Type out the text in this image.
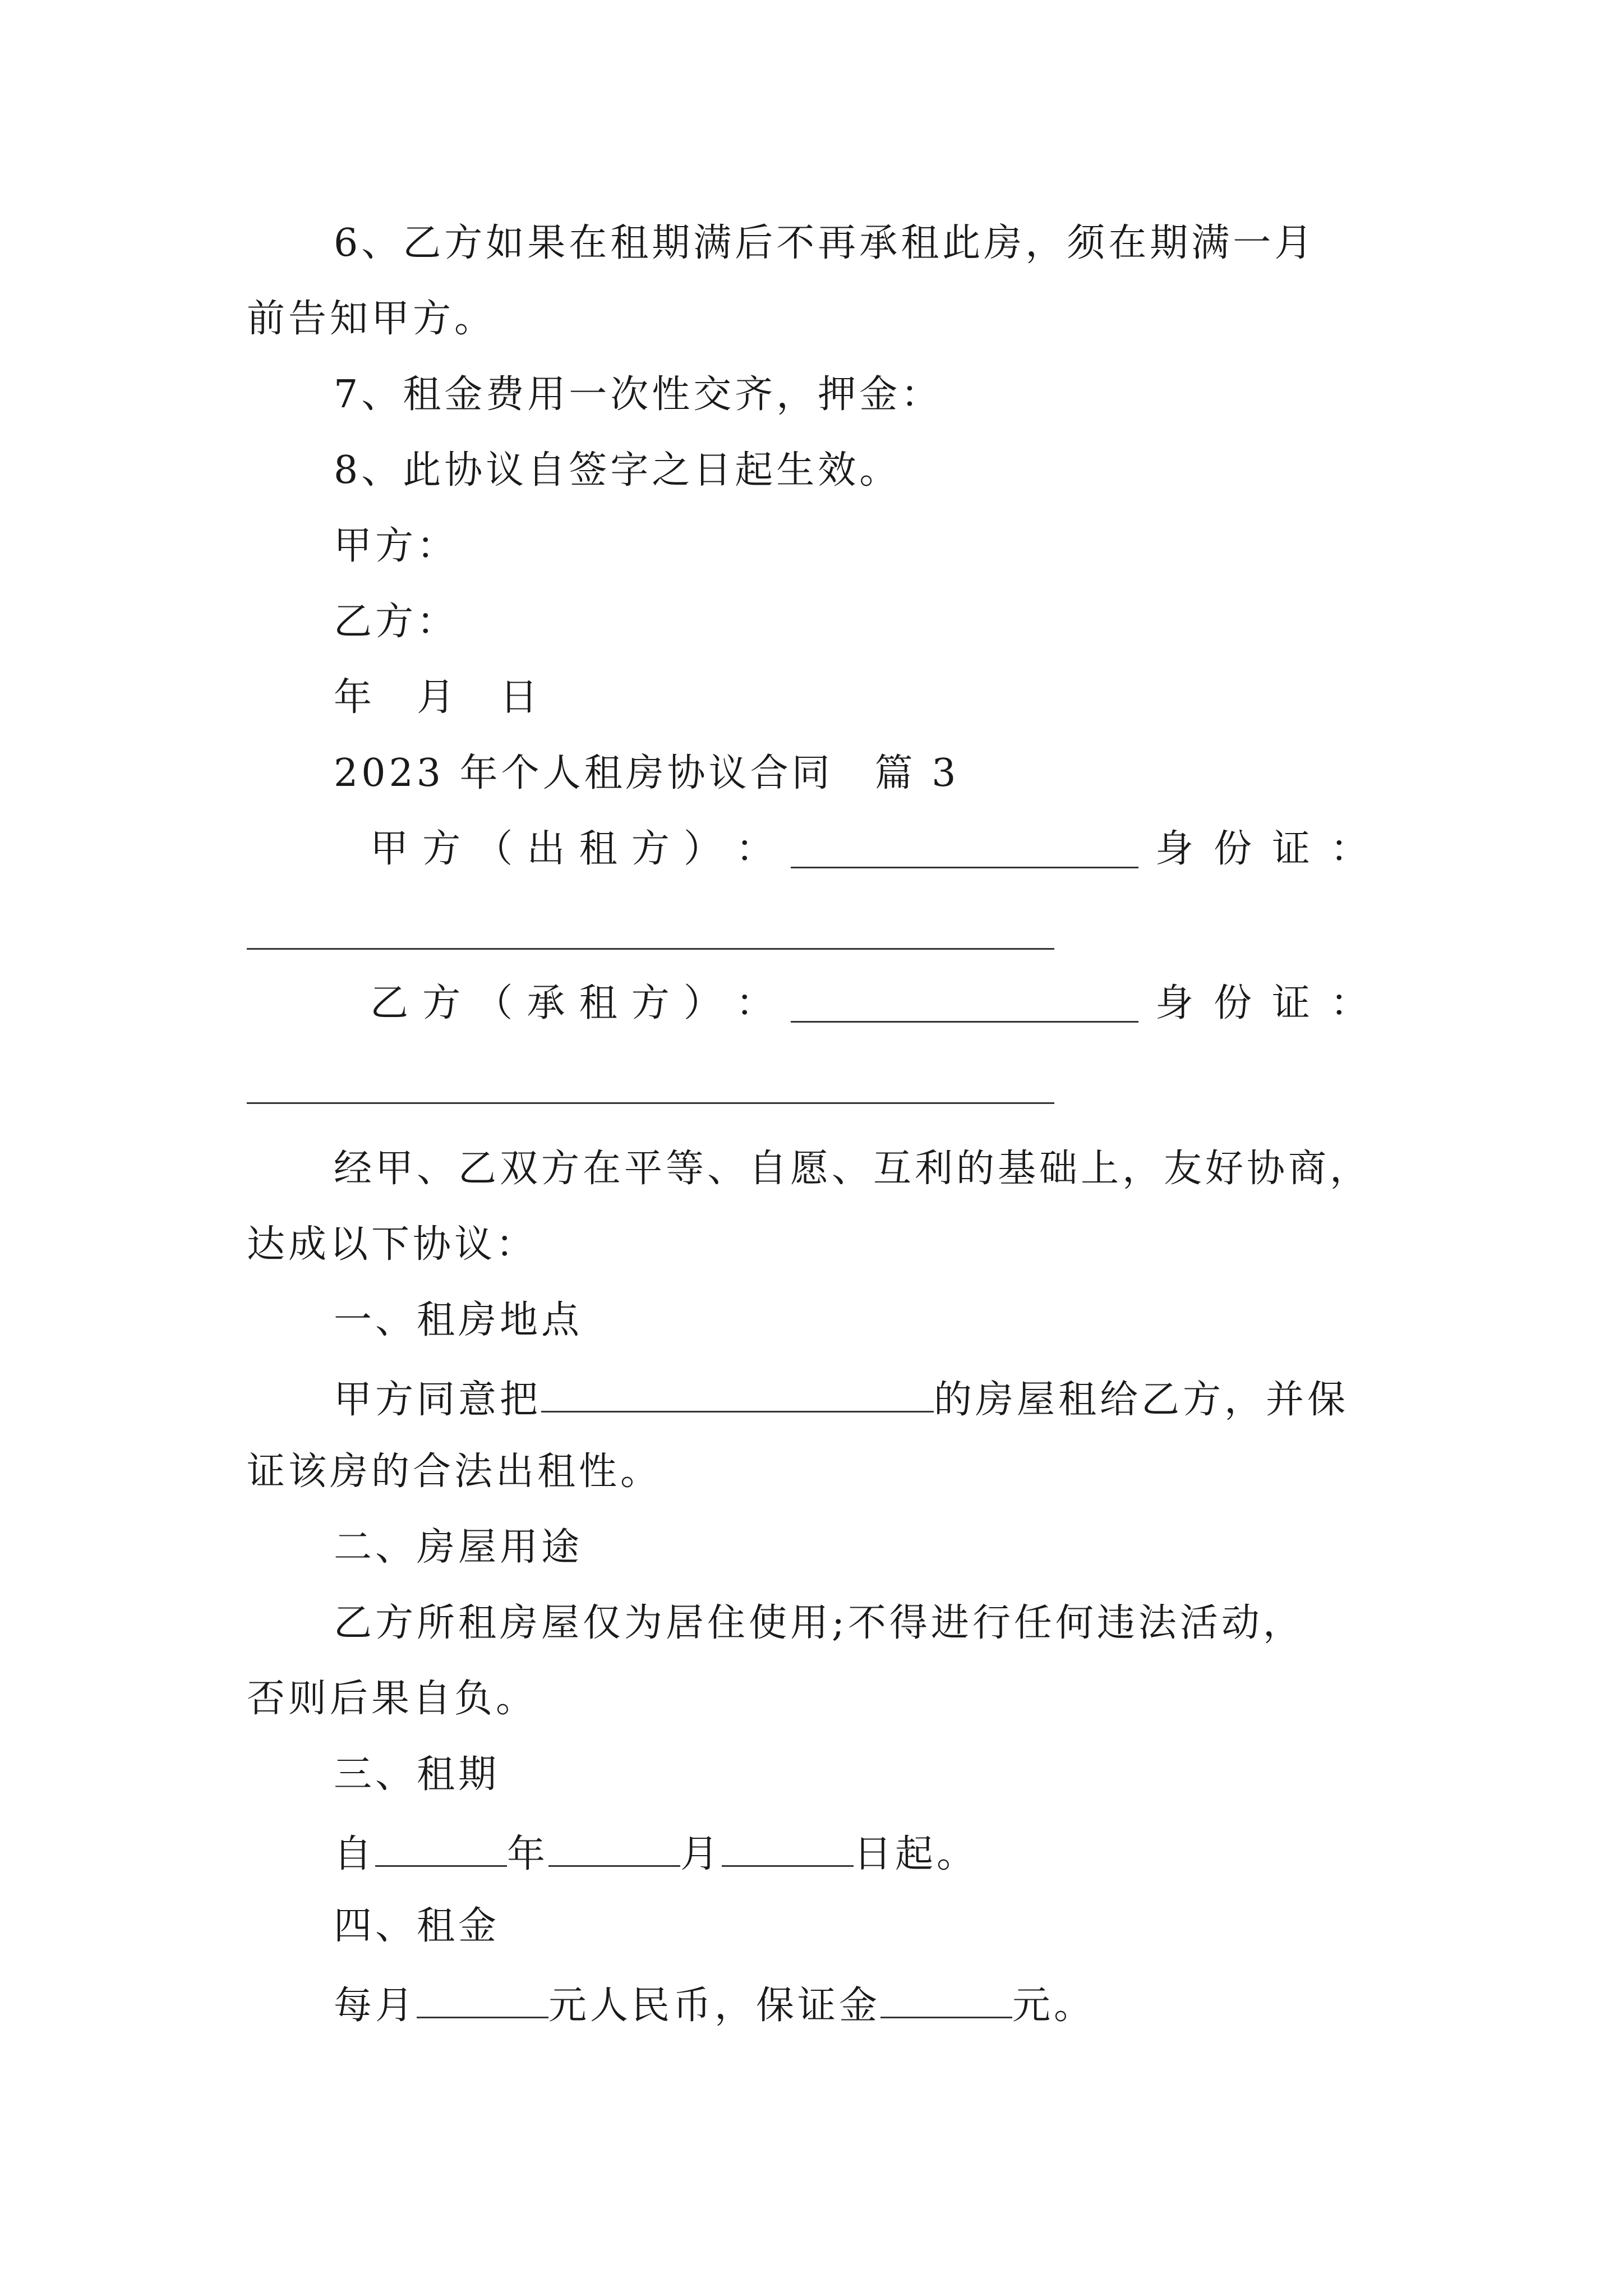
6、乙方如果在租期满后不再承租此房，须在期满一月
前告知甲方。
7、租金费用一次性交齐，押金：
8、此协议自签字之日起生效。
甲方：
乙方：
年　月　日
2023 年个人租房协议合同　篇 3
甲 方 （ 出 租 方 ） ：	身 份 证 ：
乙 方 （ 承 租 方 ） ：	身 份 证 ：
经甲、乙双方在平等、自愿、互利的基础上，友好协商，
达成以下协议：
一、租房地点
甲方同意把	的房屋租给乙方，并保
证该房的合法出租性。
二、房屋用途
乙方所租房屋仅为居住使用;不得进行任何违法活动，
否则后果自负。
三、租期
自	年	月	日起。
四、租金
每月	元人民币，保证金	元。
